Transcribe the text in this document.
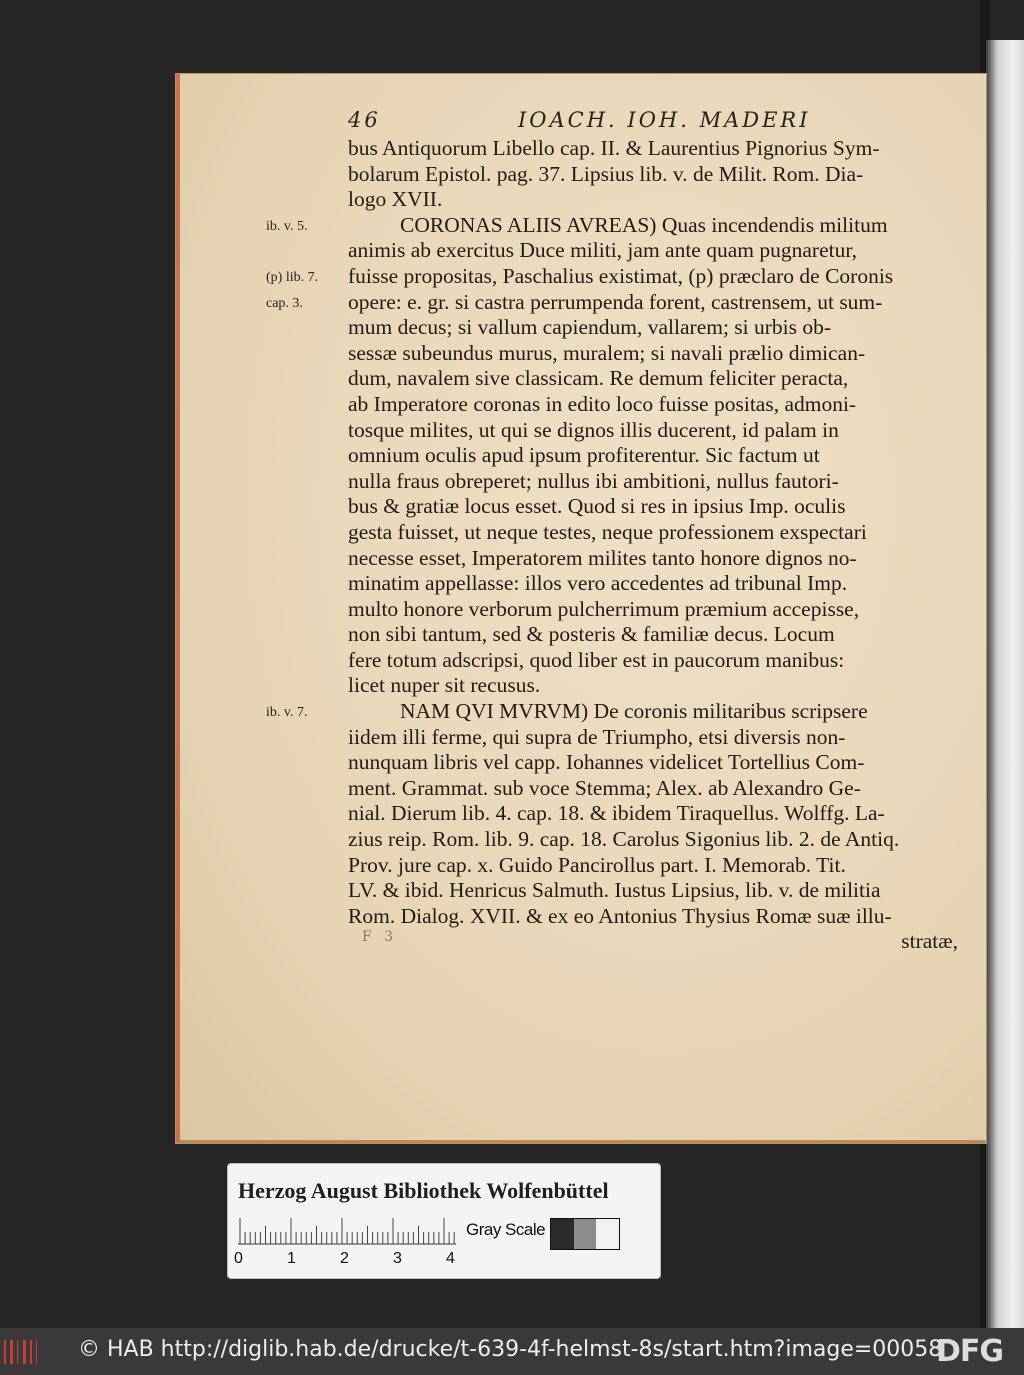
46	IOACH. IOH. MADERI
bus Antiquorum Libello cap. II. & Laurentius Pignorius Sym-
bolarum Epistol. pag. 37. Lipsius lib. v. de Milit. Rom. Dia-
logo XVII.
CORONAS ALIIS AVREAS) Quas incendendis militum
animis ab exercitus Duce militi, jam ante quam pugnaretur,
fuisse propositas, Paschalius existimat, (p) præclaro de Coronis
opere: e. gr. si castra perrumpenda forent, castrensem, ut sum-
mum decus; si vallum capiendum, vallarem; si urbis ob-
sessæ subeundus murus, muralem; si navali prælio dimican-
dum, navalem sive classicam. Re demum feliciter peracta,
ab Imperatore coronas in edito loco fuisse positas, admoni-
tosque milites, ut qui se dignos illis ducerent, id palam in
omnium oculis apud ipsum profiterentur. Sic factum ut
nulla fraus obreperet; nullus ibi ambitioni, nullus fautori-
bus & gratiæ locus esset. Quod si res in ipsius Imp. oculis
gesta fuisset, ut neque testes, neque professionem exspectari
necesse esset, Imperatorem milites tanto honore dignos no-
minatim appellasse: illos vero accedentes ad tribunal Imp.
multo honore verborum pulcherrimum præmium accepisse,
non sibi tantum, sed & posteris & familiæ decus. Locum
fere totum adscripsi, quod liber est in paucorum manibus:
licet nuper sit recusus.
NAM QVI MVRVM) De coronis militaribus scripsere
iidem illi ferme, qui supra de Triumpho, etsi diversis non-
nunquam libris vel capp. Iohannes videlicet Tortellius Com-
ment. Grammat. sub voce Stemma; Alex. ab Alexandro Ge-
nial. Dierum lib. 4. cap. 18. & ibidem Tiraquellus. Wolffg. La-
zius reip. Rom. lib. 9. cap. 18. Carolus Sigonius lib. 2. de Antiq.
Prov. jure cap. x. Guido Pancirollus part. I. Memorab. Tit.
LV. & ibid. Henricus Salmuth. Iustus Lipsius, lib. v. de militia
Rom. Dialog. XVII. & ex eo Antonius Thysius Romæ suæ illu-
stratæ,
ib. v. 5.
(p) lib. 7.
cap. 3.
ib. v. 7.
F 3
Herzog August Bibliothek Wolfenbüttel
0	1	2	3	4
Gray Scale
© HAB http://diglib.hab.de/drucke/t-639-4f-helmst-8s/start.htm?image=00058
DFG
